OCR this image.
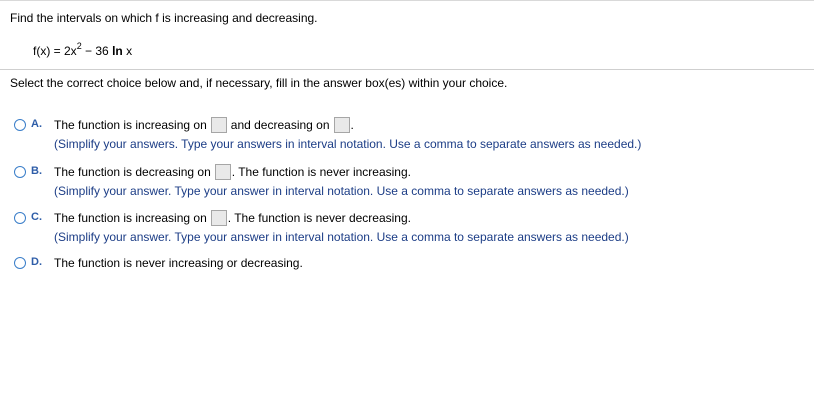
Find the intervals on which f is increasing and decreasing.
$f(x) = 2x^2 - 36$ ln x
Select the correct choice below and, if necessary, fill in the answer box(es) within your choice.
A. The function is increasing on and decreasing on .
(Simplify your answers. Type your answers in interval notation. Use a comma to separate answers as needed.)
B. The function is decreasing on . The function is never increasing.
(Simplify your answer. Type your answer in interval notation. Use a comma to separate answers as needed.)
C. The function is increasing on . The function is never decreasing.
(Simplify your answer. Type your answer in interval notation. Use a comma to separate answers as needed.)
D. The function is never increasing or decreasing.
